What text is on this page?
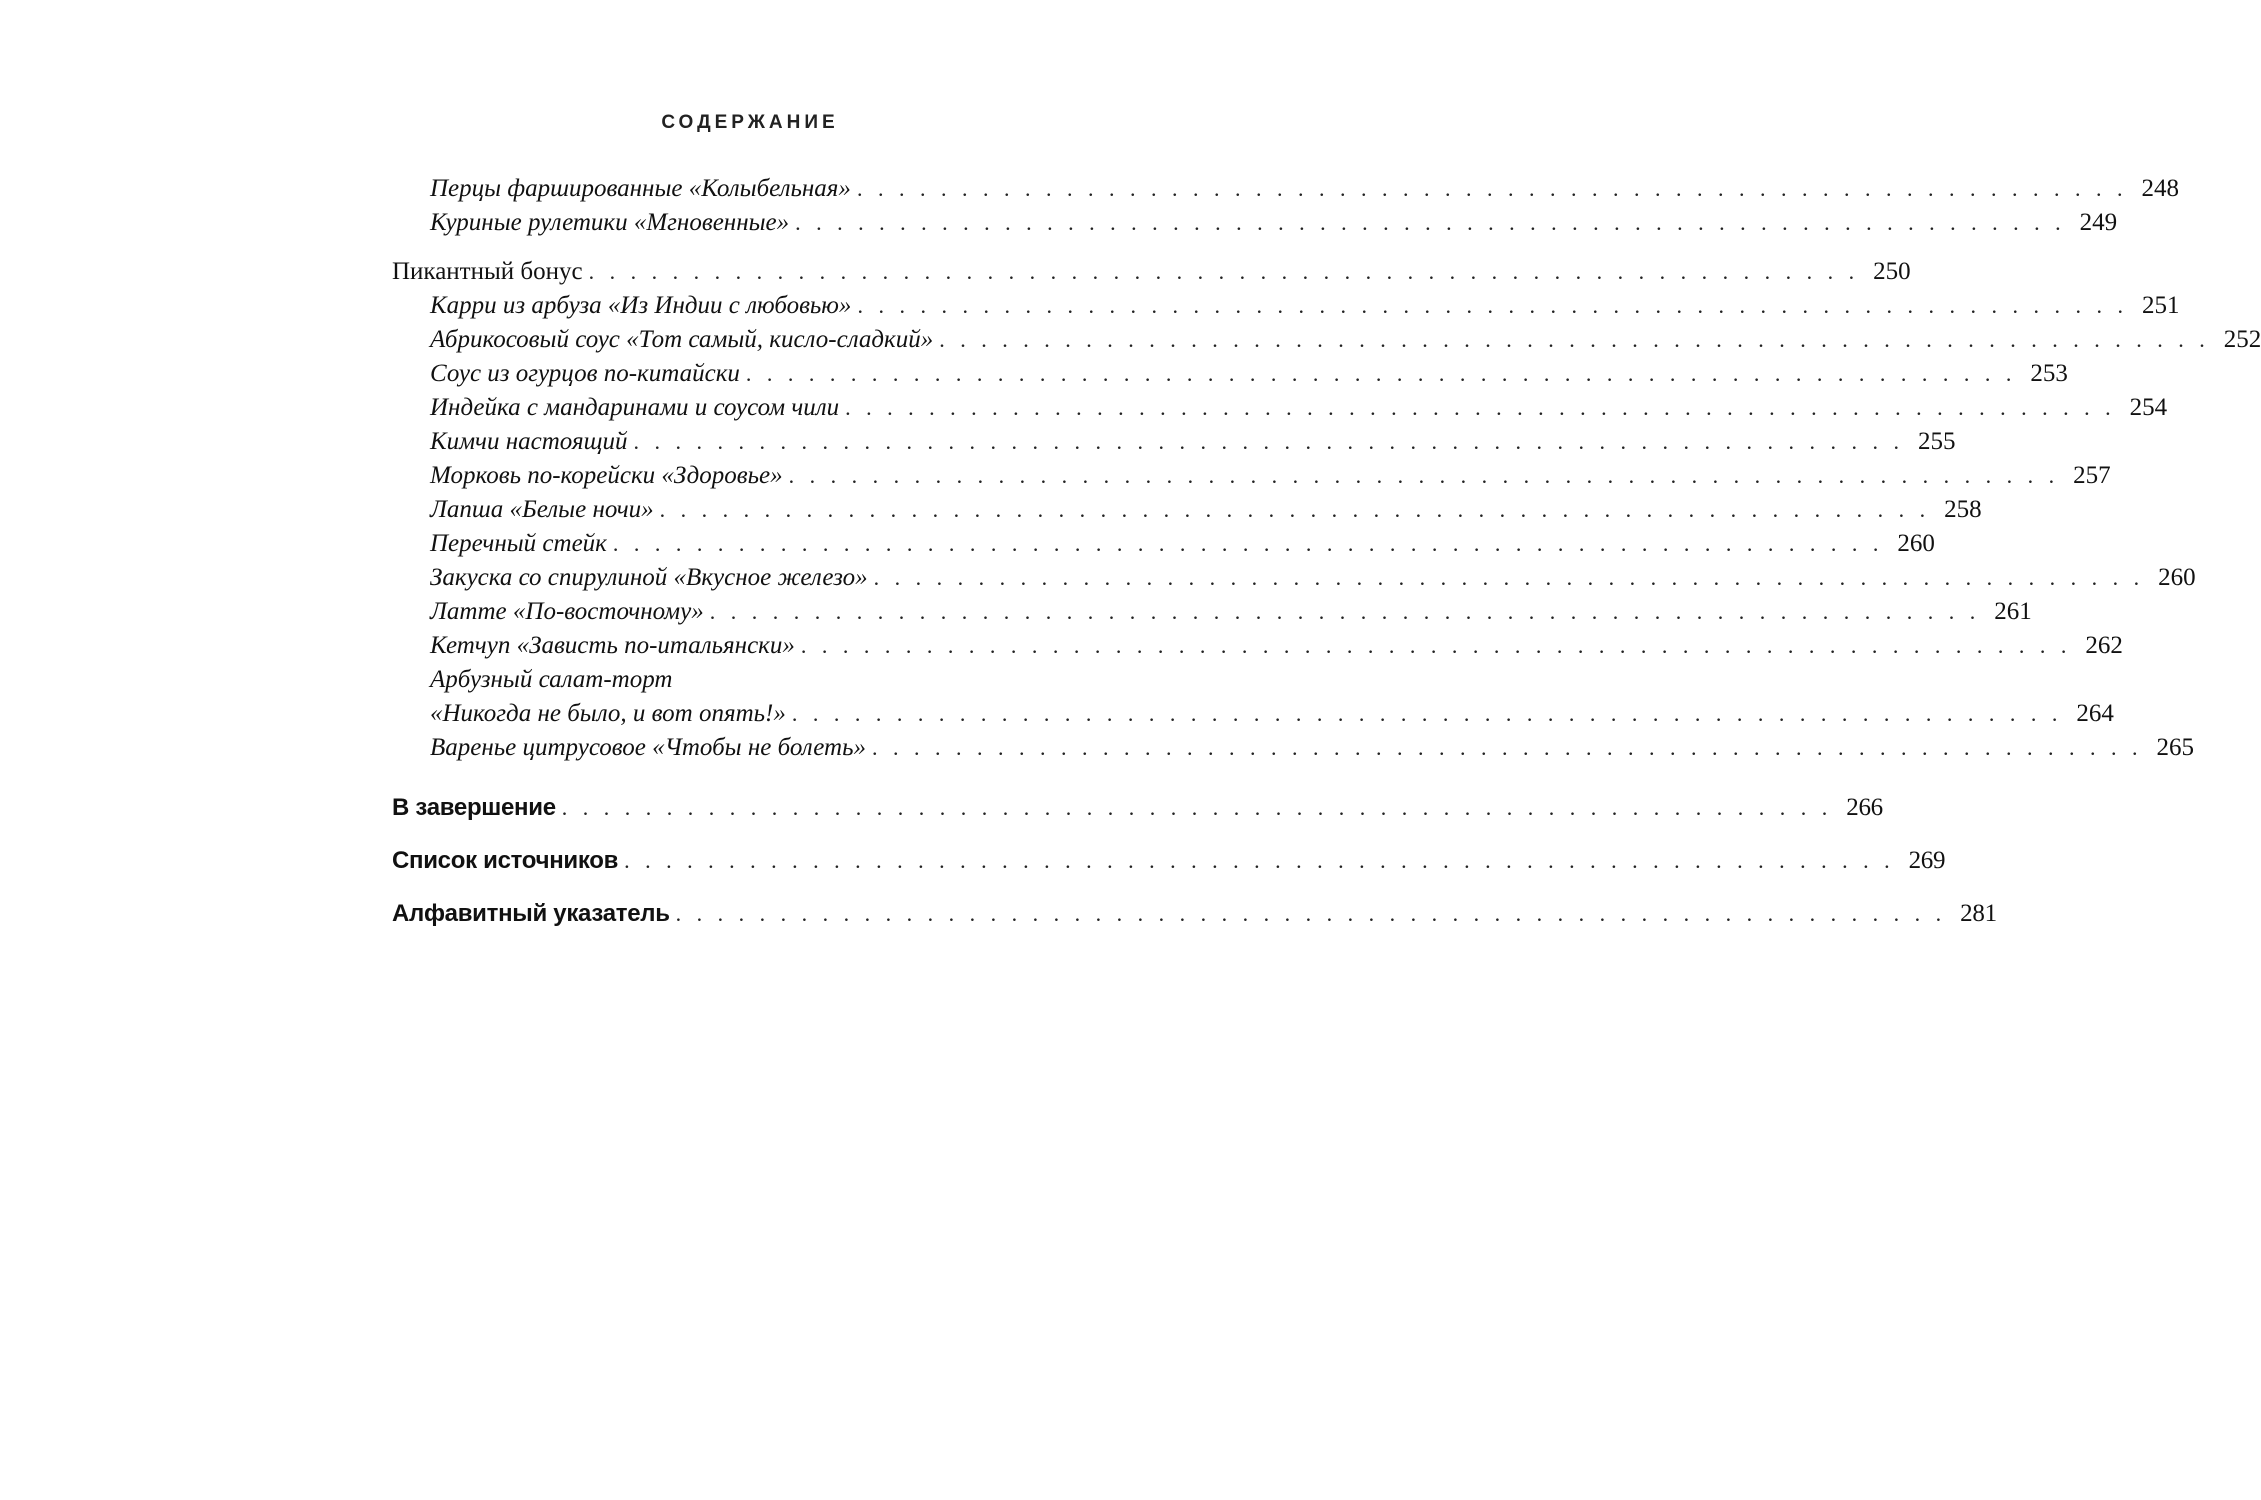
СОДЕРЖАНИЕ
Перцы фаршированные «Колыбельная» . . . . . . . . . . . . . . . . . . . . . . . . . . . . . . . . . . . . . . . . . . . . . . . . . . . . . . . . . . . . . 248
Куриные рулетики «Мгновенные» . . . . . . . . . . . . . . . . . . . . . . . . . . . . . . . . . . . . . . . . . . . . . . . . . . . . . . . . . . . . . 249
Пикантный бонус . . . . . . . . . . . . . . . . . . . . . . . . . . . . . . . . . . . . . . . . . . . . . . . . . . . . . . . . . . . . . 250
Карри из арбуза «Из Индии с любовью» . . . . . . . . . . . . . . . . . . . . . . . . . . . . . . . . . . . . . . . . . . . . . . . . . . . . . . . . . . . . . 251
Абрикосовый соус «Тот самый, кисло-сладкий» . . . . . . . . . . . . . . . . . . . . . . . . . . . . . . . . . . . . . . . . . . . . . . . . . . . . . . . . . . . . . 252
Соус из огурцов по-китайски . . . . . . . . . . . . . . . . . . . . . . . . . . . . . . . . . . . . . . . . . . . . . . . . . . . . . . . . . . . . . 253
Индейка с мандаринами и соусом чили . . . . . . . . . . . . . . . . . . . . . . . . . . . . . . . . . . . . . . . . . . . . . . . . . . . . . . . . . . . . . 254
Кимчи настоящий . . . . . . . . . . . . . . . . . . . . . . . . . . . . . . . . . . . . . . . . . . . . . . . . . . . . . . . . . . . . . 255
Морковь по-корейски «Здоровье» . . . . . . . . . . . . . . . . . . . . . . . . . . . . . . . . . . . . . . . . . . . . . . . . . . . . . . . . . . . . . 257
Лапша «Белые ночи» . . . . . . . . . . . . . . . . . . . . . . . . . . . . . . . . . . . . . . . . . . . . . . . . . . . . . . . . . . . . . 258
Перечный стейк . . . . . . . . . . . . . . . . . . . . . . . . . . . . . . . . . . . . . . . . . . . . . . . . . . . . . . . . . . . . . 260
Закуска со спирулиной «Вкусное железо» . . . . . . . . . . . . . . . . . . . . . . . . . . . . . . . . . . . . . . . . . . . . . . . . . . . . . . . . . . . . . 260
Латте «По-восточному» . . . . . . . . . . . . . . . . . . . . . . . . . . . . . . . . . . . . . . . . . . . . . . . . . . . . . . . . . . . . . 261
Кетчуп «Зависть по-итальянски» . . . . . . . . . . . . . . . . . . . . . . . . . . . . . . . . . . . . . . . . . . . . . . . . . . . . . . . . . . . . . 262
Арбузный салат-торт
«Никогда не было, и вот опять!» . . . . . . . . . . . . . . . . . . . . . . . . . . . . . . . . . . . . . . . . . . . . . . . . . . . . . . . . . . . . . 264
Варенье цитрусовое «Чтобы не болеть» . . . . . . . . . . . . . . . . . . . . . . . . . . . . . . . . . . . . . . . . . . . . . . . . . . . . . . . . . . . . . 265
В завершение . . . . . . . . . . . . . . . . . . . . . . . . . . . . . . . . . . . . . . . . . . . . . . . . . . . . . . . . . . . . . 266
Список источников . . . . . . . . . . . . . . . . . . . . . . . . . . . . . . . . . . . . . . . . . . . . . . . . . . . . . . . . . . . . . 269
Алфавитный указатель . . . . . . . . . . . . . . . . . . . . . . . . . . . . . . . . . . . . . . . . . . . . . . . . . . . . . . . . . . . . . 281
